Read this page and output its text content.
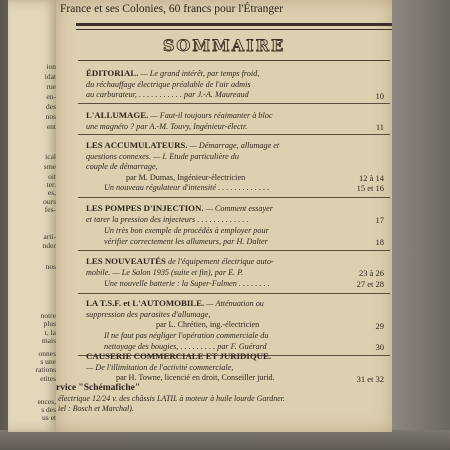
ion
idat
rue
en-
des
nos
ent
ical
sme
oit
ter.
es,
ours
fes-
arti-
nder
nos
notre
plus
t, la
mais
onnes
s une
rations
etites
ences,
s des
us et
France et ses Colonies, 60 francs pour l'Étranger
SOMMAIRE
ÉDITORIAL. — Le grand intérêt, par temps froid,
du réchauffage électrique préalable de l'air admis
au carburateur, . . . . . . . . . . . par J.-A. Maureaud	10
L'ALLUMAGE. — Faut-il toujours réaimanter à bloc
une magnéto ? par A.-M. Touvy, Ingénieur-électr.	11
LES ACCUMULATEURS. — Démarrage, allumage et
questions connexes. — I. Etude particulière du
couple de démarrage,
par M. Dumas, Ingénieur-électricien	12 à 14
Un nouveau régulateur d'intensité . . . . . . . . . . . . .	15 et 16
LES POMPES D'INJECTION. — Comment essayer
et tarer la pression des injecteurs . . . . . . . . . . . . .	17
Un très bon exemple de procédés à employer pour
vérifier correctement les allumeurs, par H. Dalter	18
LES NOUVEAUTÉS de l'équipement électrique auto-
mobile. — Le Salon 1935 (suite et fin), par E. P.	23 à 26
Une nouvelle batterie : la Super-Fulmen . . . . . . . .	27 et 28
LA T.S.F. et L'AUTOMOBILE. — Atténuation ou
suppression des parasites d'allumage,
par L. Chrétien, ing.-électricien	29
Il ne faut pas négliger l'opération commerciale du
nettoyage des bougies, . . . . . . . . . par F. Guérard	30
CAUSERIE COMMERCIALE ET JURIDIQUE.
— De l'illimitation de l'activité commerciale,
par H. Towne, licencié en droit, Conseiller jurid.	31 et 32
rvice "Schémafiche"
électrique 12/24 v. des châssis LATIL à moteur à huile lourde Gardner.
iel : Bosch et Marchal).
